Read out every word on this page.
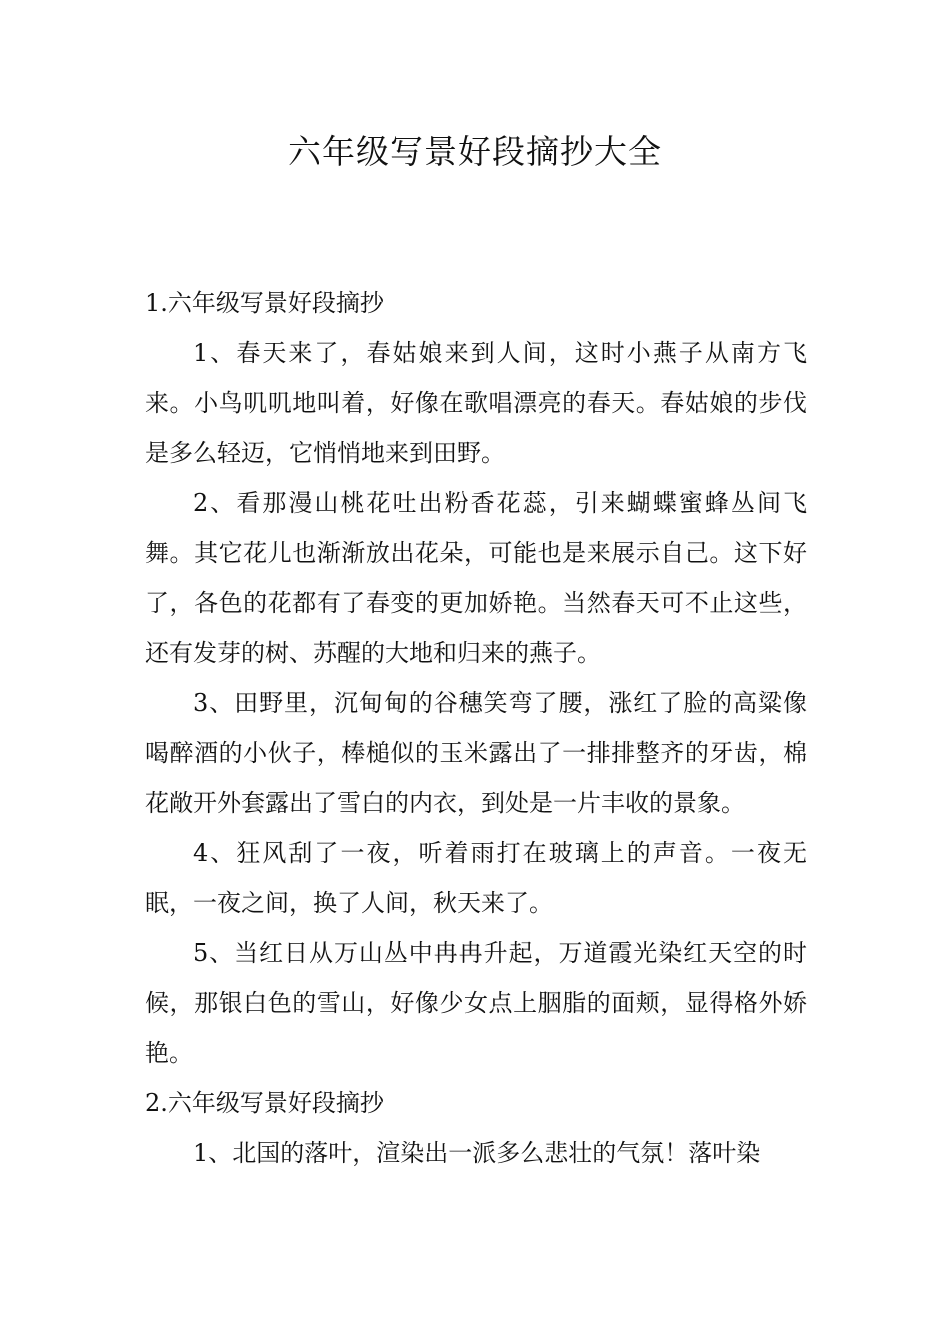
六年级写景好段摘抄大全
1.六年级写景好段摘抄

1、春天来了，春姑娘来到人间，这时小燕子从南方飞来。小鸟叽叽地叫着，好像在歌唱漂亮的春天。春姑娘的步伐是多么轻迈，它悄悄地来到田野。

2、看那漫山桃花吐出粉香花蕊，引来蝴蝶蜜蜂丛间飞舞。其它花儿也渐渐放出花朵，可能也是来展示自己。这下好了，各色的花都有了春变的更加娇艳。当然春天可不止这些，还有发芽的树、苏醒的大地和归来的燕子。

3、田野里，沉甸甸的谷穗笑弯了腰，涨红了脸的高粱像喝醉酒的小伙子，棒槌似的玉米露出了一排排整齐的牙齿，棉花敞开外套露出了雪白的内衣，到处是一片丰收的景象。

4、狂风刮了一夜，听着雨打在玻璃上的声音。一夜无眠，一夜之间，换了人间，秋天来了。

5、当红日从万山丛中冉冉升起，万道霞光染红天空的时候，那银白色的雪山，好像少女点上胭脂的面颊，显得格外娇艳。

2.六年级写景好段摘抄

1、北国的落叶，渲染出一派多么悲壮的气氛！落叶染
